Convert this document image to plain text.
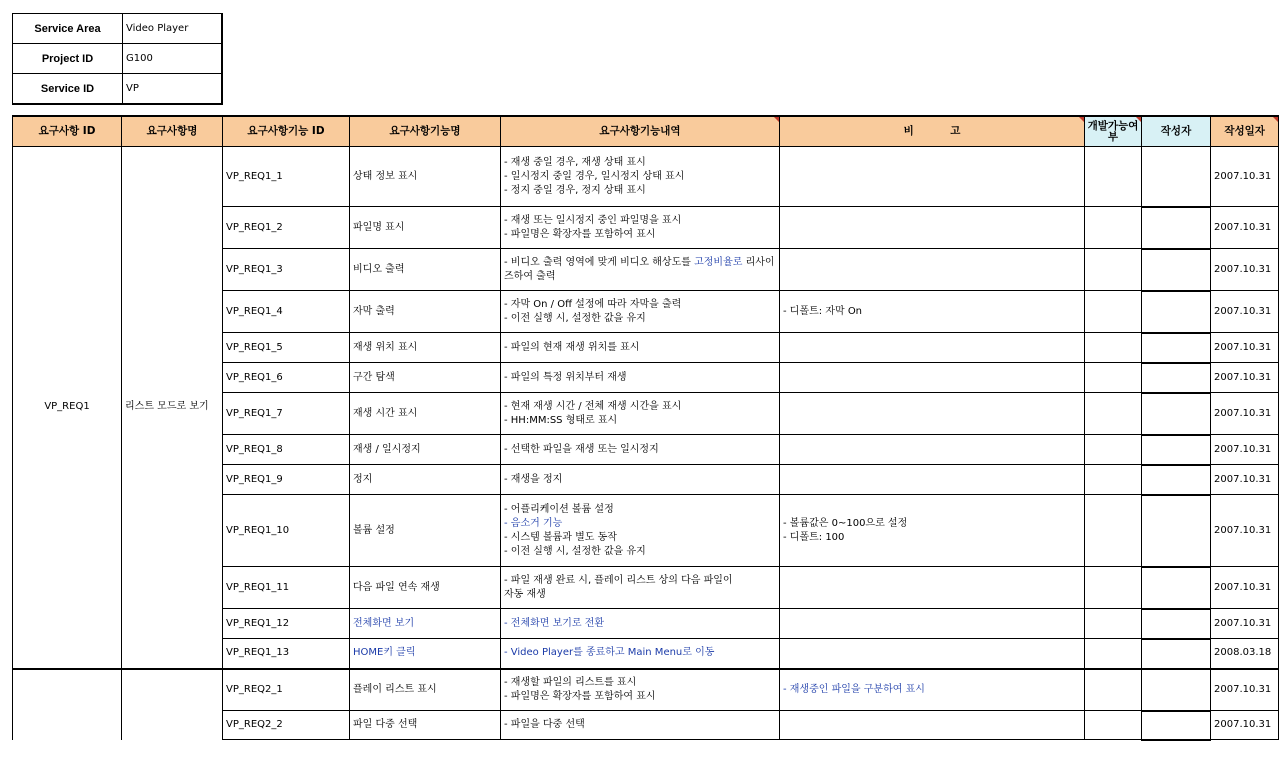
Service Area	Video Player
Project ID	G100
Service ID	VP
요구사항 ID	요구사항명	요구사항기능 ID	요구사항기능명	요구사항기능내역	비          고	개발가능여부	작성자	작성일자

VP_REQ1	리스트 모드로 보기	VP_REQ1_1	상태 정보 표시	- 재생 중일 경우, 재생 상태 표시
- 일시정지 중일 경우, 일시정지 상태 표시
- 정지 중일 경우, 정지 상태 표시				2007.10.31
		VP_REQ1_2	파일명 표시	- 재생 또는 일시정지 중인 파일명을 표시
- 파일명은 확장자를 포함하여 표시				2007.10.31
		VP_REQ1_3	비디오 출력	- 비디오 출력 영역에 맞게 비디오 해상도를 고정비율로 리사이즈하여 출력				2007.10.31
		VP_REQ1_4	자막 출력	- 자막 On / Off 설정에 따라 자막을 출력
- 이전 실행 시, 설정한 값을 유지	- 디폴트: 자막 On			2007.10.31
		VP_REQ1_5	재생 위치 표시	- 파일의 현재 재생 위치를 표시				2007.10.31
		VP_REQ1_6	구간 탐색	- 파일의 특정 위치부터 재생				2007.10.31
		VP_REQ1_7	재생 시간 표시	- 현재 재생 시간 / 전체 재생 시간을 표시
- HH:MM:SS 형태로 표시				2007.10.31
		VP_REQ1_8	재생 / 일시정지	- 선택한 파일을 재생 또는 일시정지				2007.10.31
		VP_REQ1_9	정지	- 재생을 정지				2007.10.31
		VP_REQ1_10	볼륨 설정	- 어플리케이션 볼륨 설정
- 음소거 기능
- 시스템 볼륨과 별도 동작
- 이전 실행 시, 설정한 값을 유지	- 볼륨값은 0~100으로 설정
- 디폴트: 100			2007.10.31
		VP_REQ1_11	다음 파일 연속 재생	- 파일 재생 완료 시, 플레이 리스트 상의 다음 파일이
자동 재생				2007.10.31
		VP_REQ1_12	전체화면 보기	- 전체화면 보기로 전환				2007.10.31
		VP_REQ1_13	HOME키 클릭	- Video Player를 종료하고 Main Menu로 이동				2008.03.18
		VP_REQ2_1	플레이 리스트 표시	- 재생할 파일의 리스트를 표시
- 파일명은 확장자를 포함하여 표시	- 재생중인 파일을 구분하여 표시			2007.10.31
		VP_REQ2_2	파일 다중 선택	- 파일을 다중 선택				2007.10.31
